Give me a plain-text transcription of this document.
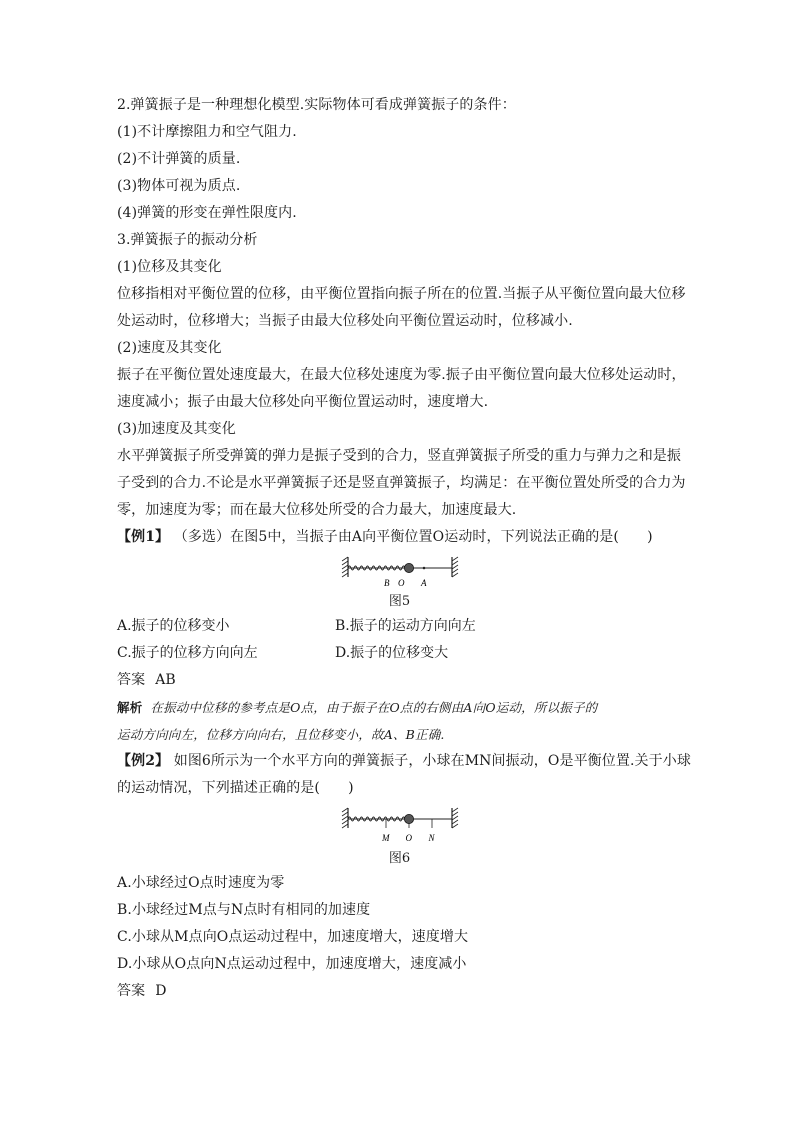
2.弹簧振子是一种理想化模型.实际物体可看成弹簧振子的条件：
(1)不计摩擦阻力和空气阻力.
(2)不计弹簧的质量.
(3)物体可视为质点.
(4)弹簧的形变在弹性限度内.
3.弹簧振子的振动分析
(1)位移及其变化
位移指相对平衡位置的位移，由平衡位置指向振子所在的位置.当振子从平衡位置向最大位移
处运动时，位移增大；当振子由最大位移处向平衡位置运动时，位移减小.
(2)速度及其变化
振子在平衡位置处速度最大，在最大位移处速度为零.振子由平衡位置向最大位移处运动时，
速度减小；振子由最大位移处向平衡位置运动时，速度增大.
(3)加速度及其变化
水平弹簧振子所受弹簧的弹力是振子受到的合力，竖直弹簧振子所受的重力与弹力之和是振
子受到的合力.不论是水平弹簧振子还是竖直弹簧振子，均满足：在平衡位置处所受的合力为
零，加速度为零；而在最大位移处所受的合力最大，加速度最大.
【例1】 （多选）在图5中，当振子由A向平衡位置O运动时，下列说法正确的是(　　)
B O A
图5
A.振子的位移变小	B.振子的运动方向向左
C.振子的位移方向向左	D.振子的位移变大
答案 AB
解析 在振动中位移的参考点是O点，由于振子在O点的右侧由A向O运动，所以振子的
运动方向向左，位移方向向右，且位移变小，故A、B正确.
【例2】 如图6所示为一个水平方向的弹簧振子，小球在MN间振动，O是平衡位置.关于小球
的运动情况，下列描述正确的是(　　)
M O N
图6
A.小球经过O点时速度为零
B.小球经过M点与N点时有相同的加速度
C.小球从M点向O点运动过程中，加速度增大，速度增大
D.小球从O点向N点运动过程中，加速度增大，速度减小
答案 D
